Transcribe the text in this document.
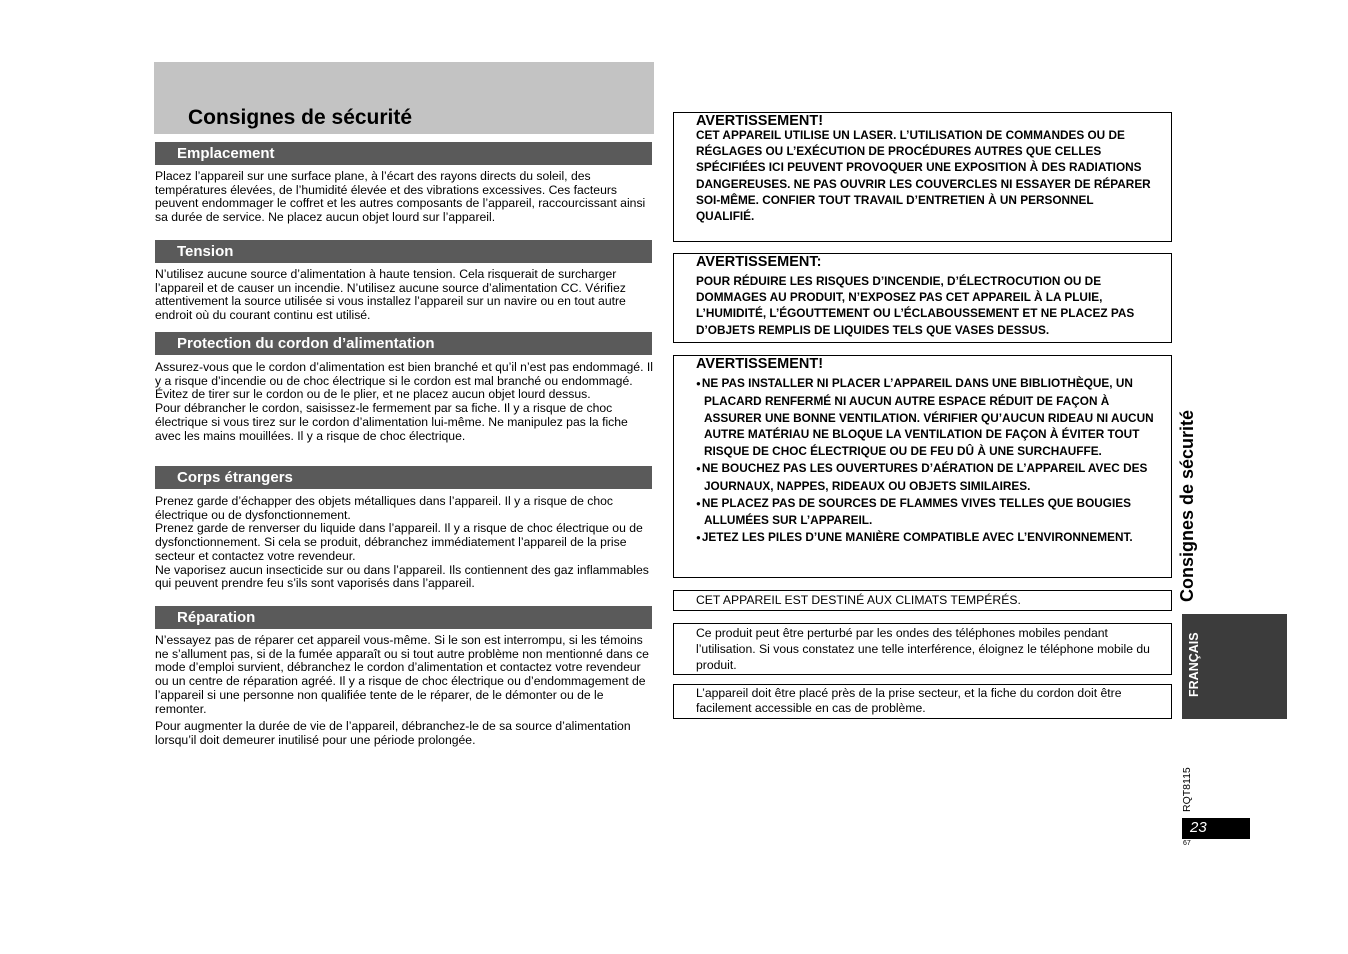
Consignes de sécurité
Emplacement

Placez l’appareil sur une surface plane, à l’écart des rayons directs du soleil, des températures élevées, de l’humidité élevée et des vibrations excessives. Ces facteurs peuvent endommager le coffret et les autres composants de l’appareil, raccourcissant ainsi sa durée de service. Ne placez aucun objet lourd sur l’appareil.

Tension

N’utilisez aucune source d’alimentation à haute tension. Cela risquerait de surcharger l’appareil et de causer un incendie. N’utilisez aucune source d’alimentation CC. Vérifiez attentivement la source utilisée si vous installez l’appareil sur un navire ou en tout autre endroit où du courant continu est utilisé.

Protection du cordon d’alimentation

Assurez-vous que le cordon d’alimentation est bien branché et qu’il n’est pas endommagé. Il y a risque d’incendie ou de choc électrique si le cordon est mal branché ou endommagé. Évitez de tirer sur le cordon ou de le plier, et ne placez aucun objet lourd dessus.

Pour débrancher le cordon, saisissez-le fermement par sa fiche. Il y a risque de choc électrique si vous tirez sur le cordon d’alimentation lui-même. Ne manipulez pas la fiche avec les mains mouillées. Il y a risque de choc électrique.

Corps étrangers

Prenez garde d’échapper des objets métalliques dans l’appareil. Il y a risque de choc électrique ou de dysfonctionnement.

Prenez garde de renverser du liquide dans l’appareil. Il y a risque de choc électrique ou de dysfonctionnement. Si cela se produit, débranchez immédiatement l’appareil de la prise secteur et contactez votre revendeur.

Ne vaporisez aucun insecticide sur ou dans l’appareil. Ils contiennent des gaz inflammables qui peuvent prendre feu s’ils sont vaporisés dans l’appareil.

Réparation

N’essayez pas de réparer cet appareil vous-même. Si le son est interrompu, si les témoins ne s’allument pas, si de la fumée apparaît ou si tout autre problème non mentionné dans ce mode d’emploi survient, débranchez le cordon d’alimentation et contactez votre revendeur ou un centre de réparation agréé. Il y a risque de choc électrique ou d’endommagement de l’appareil si une personne non qualifiée tente de le réparer, de le démonter ou de le remonter.

Pour augmenter la durée de vie de l’appareil, débranchez-le de sa source d’alimentation lorsqu’il doit demeurer inutilisé pour une période prolongée.

AVERTISSEMENT!

CET APPAREIL UTILISE UN LASER. L’UTILISATION DE COMMANDES OU DE RÉGLAGES OU L’EXÉCUTION DE PROCÉDURES AUTRES QUE CELLES SPÉCIFIÉES ICI PEUVENT PROVOQUER UNE EXPOSITION À DES RADIATIONS DANGEREUSES. NE PAS OUVRIR LES COUVERCLES NI ESSAYER DE RÉPARER SOI-MÊME. CONFIER TOUT TRAVAIL D’ENTRETIEN À UN PERSONNEL QUALIFIÉ.

AVERTISSEMENT:

POUR RÉDUIRE LES RISQUES D’INCENDIE, D’ÉLECTROCUTION OU DE DOMMAGES AU PRODUIT, N’EXPOSEZ PAS CET APPAREIL À LA PLUIE, L’HUMIDITÉ, L’ÉGOUTTEMENT OU L’ÉCLABOUSSEMENT ET NE PLACEZ PAS D’OBJETS REMPLIS DE LIQUIDES TELS QUE VASES DESSUS.

AVERTISSEMENT!
● NE PAS INSTALLER NI PLACER L’APPAREIL DANS UNE BIBLIOTHÈQUE, UN PLACARD RENFERMÉ NI AUCUN AUTRE ESPACE RÉDUIT DE FAÇON À ASSURER UNE BONNE VENTILATION. VÉRIFIER QU’AUCUN RIDEAU NI AUCUN AUTRE MATÉRIAU NE BLOQUE LA VENTILATION DE FAÇON À ÉVITER TOUT RISQUE DE CHOC ÉLECTRIQUE OU DE FEU DÛ À UNE SURCHAUFFE.
● NE BOUCHEZ PAS LES OUVERTURES D’AÉRATION DE L’APPAREIL AVEC DES JOURNAUX, NAPPES, RIDEAUX OU OBJETS SIMILAIRES.
● NE PLACEZ PAS DE SOURCES DE FLAMMES VIVES TELLES QUE BOUGIES ALLUMÉES SUR L’APPAREIL.
● JETEZ LES PILES D’UNE MANIÈRE COMPATIBLE AVEC L’ENVIRONNEMENT.

CET APPAREIL EST DESTINÉ AUX CLIMATS TEMPÉRÉS.

Ce produit peut être perturbé par les ondes des téléphones mobiles pendant l’utilisation. Si vous constatez une telle interférence, éloignez le téléphone mobile du produit.

L’appareil doit être placé près de la prise secteur, et la fiche du cordon doit être facilement accessible en cas de problème.

Consignes de sécurité
FRANÇAIS
RQT8115
23
67
